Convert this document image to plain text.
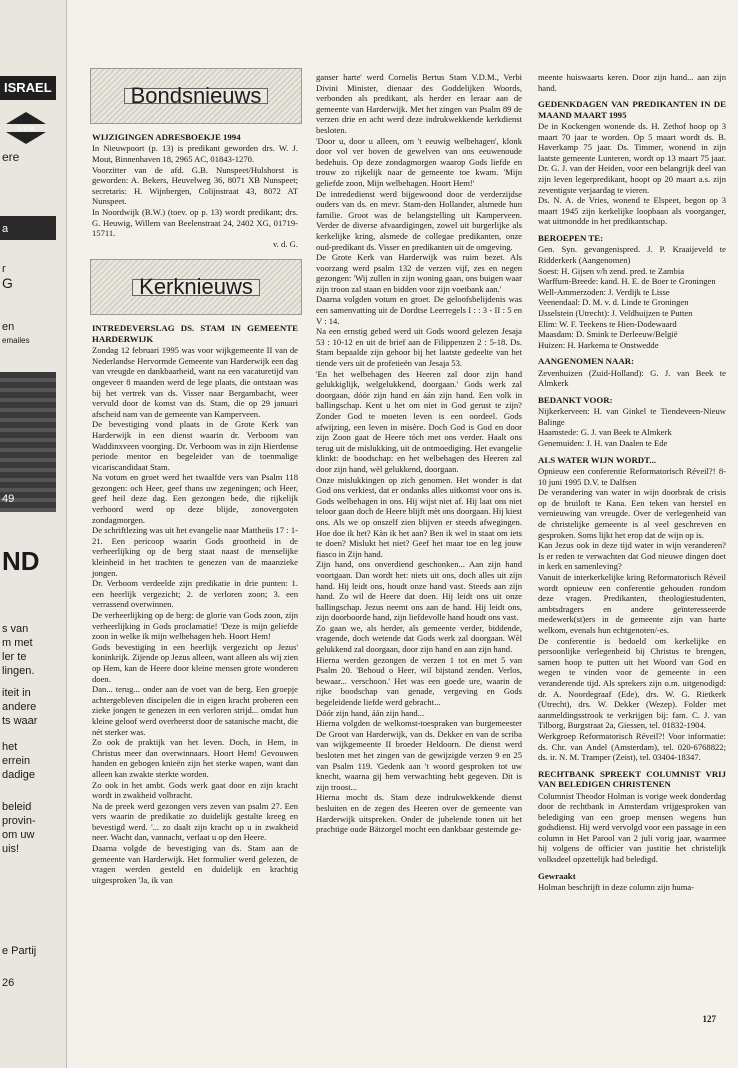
ISRAEL
IVVIK
ere
a
r
G
en
emailes
49
ND
s van
m met
ler te
lingen.
iteit in
andere
ts waar
het
errein
dadige
beleid
provin-
om uw
uis!
e Partij
26
Bondsnieuws
WIJZIGINGEN ADRESBOEKJE 1994

In Nieuwpoort (p. 13) is predikant geworden drs. W. J. Mout, Binnenhaven 18, 2965 AC, 01843-1270.

Voorzitter van de afd. G.B. Nunspeet/Hulshorst is geworden: A. Bekers, Heuvelweg 36, 8071 XB Nunspeet; secretaris: H. Wijnbergen, Colijnstraat 43, 8072 AT Nunspeet.

In Noordwijk (B.W.) (toev. op p. 13) wordt predikant; drs. G. Heuwig, Willem van Beelenstraat 24, 2402 XG, 01719-15711.

v. d. G.

Kerknieuws
INTREDEVERSLAG DS. STAM IN GEMEENTE HARDERWIJK

Zondag 12 februari 1995 was voor wijkgemeente II van de Nederlandse Hervormde Gemeente van Harderwijk een dag van vreugde en dankbaarheid, want na een vacaturetijd van ongeveer 8 maanden werd de lege plaats, die ontstaan was bij het vertrek van ds. Visser naar Bergambacht, weer vervuld door de komst van ds. Stam, die op 29 januari afscheid nam van de gemeente van Kamperveen.

De bevestiging vond plaats in de Grote Kerk van Harderwijk in een dienst waarin dr. Verboom van Waddinxveen voorging. Dr. Verboom was in zijn Hierdense periode mentor en begeleider van de toenmalige vicariscandidaat Stam.

Na votum en groet werd het twaalfde vers van Psalm 118 gezongen: och Heer, geef thans uw zegeningen; och Heer, geef heil deze dag. Een gezongen bede, die rijkelijk verhoord werd op deze blijde, zonovergoten zondagmorgen.

De schriftlezing was uit het evangelie naar Mattheüs 17 : 1-21. Een pericoop waarin Gods grootheid in de verheerlijking op de berg staat naast de menselijke kleinheid in het trachten te genezen van de maanzieke jongen.

Dr. Verboom verdeelde zijn predikatie in drie punten: 1. een heerlijk vergezicht; 2. de verloren zoon; 3. een verrassend overwinnen.

De verheerlijking op de berg: de glorie van Gods zoon, zijn verheerlijking in Gods proclamatie! 'Deze is mijn geliefde zoon in welke ik mijn welbehagen heb. Hoort Hem!

Gods bevestiging in een heerlijk vergezicht op Jezus' koninkrijk. Zijende op Jezus alleen, want alleen als wij zien op Hem, kan de Heere door kleine mensen grote wonderen doen.

Dan... terug... onder aan de voet van de berg. Een groepje achtergebleven discipelen die in eigen kracht proberen een zieke jongen te genezen in een verloren strijd... omdat hun kleine geloof werd overheerst door de satanische macht, die nét sterker was.

Zo ook de praktijk van het leven. Doch, in Hem, in Christus meer dan overwinnaars. Hoort Hem! Gevouwen handen en gebogen knieën zijn het sterke wapen, want dan alleen kan zwakte sterkte worden.

Zo ook in het ambt. Gods werk gaat door en zijn kracht wordt in zwakheid volbracht.

Na de preek werd gezongen vers zeven van psalm 27. Een vers waarin de predikatie zo duidelijk gestalte kreeg en bevestigd werd. '... zo daalt zijn kracht op u in zwakheid neer. Wacht dan, vannacht, verlaat u op den Heere.

Daarna volgde de bevestiging van ds. Stam aan de gemeente van Harderwijk. Het formulier werd gelezen, de vragen werden gesteld en duidelijk en krachtig uitgesproken 'Ja, ik van

ganser harte' werd Cornelis Bertus Stam V.D.M., Verbi Divini Minister, dienaar des Goddelijken Woords, verbonden als predikant, als herder en leraar aan de gemeente van Harderwijk. Met het zingen van Psalm 89 de verzen drie en acht werd deze indrukwekkende kerkdienst besloten.

'Door u, door u alleen, om 't eeuwig welbehagen', klonk door vol ver boven de gewelven van ons eeuwenoude bedehuis. Op deze zondagmorgen waarop Gods liefde en trouw zo rijkelijk naar de gemeente toe kwam. 'Mijn geliefde zoon, Mijn welbehagen. Hoort Hem!'

De intrededienst werd bijgewoond door de verderzijdse ouders van ds. en mevr. Stam-den Hollander, alsmede hun familie. Groot was de belangstelling uit Kamperveen. Verder de diverse afvaardigingen, zowel uit burgerlijke als kerkelijke kring, alsmede de collegae predikanten, onze oud-predikant ds. Visser en predikanten uit de omgeving.

De Grote Kerk van Harderwijk was ruim bezet. Als voorzang werd psalm 132 de verzen vijf, zes en negen gezongen: 'Wij zullen in zijn woning gaan, ons buigen waar zijn troon zal staan en bidden voor zijn voetbank aan.'

Daarna volgden votum en groet. De geloofsbelijdenis was een samenvatting uit de Dordtse Leerregels I : : 3 - II : 5 en V : 14.

Na een ernstig gebed werd uit Gods woord gelezen Jesaja 53 : 10-12 en uit de brief aan de Filippenzen 2 : 5-18. Ds. Stam bepaalde zijn gehoor bij het laatste gedeelte van het tiende vers uit de profetieën van Jesaja 53.

'En het welbehagen des Heeren zal door zijn hand gelukkiglijk, welgelukkend, doorgaan.' Gods werk zal doorgaan, dóór zijn hand en áán zijn hand. Een volk in ballingschap. Kent u het om niet in God gerust te zijn? Zonder God te moeten leven is een oordeel. Gods afwijzing, een leven in misère. Doch God is God en door zijn Zoon gaat de Heere tóch met ons verder. Haalt ons terug uit de mislukking, uit de ontmoediging. Het evangelie klinkt: de boodschap: en het welbehagen des Heeren zal door zijn hand, wèl gelukkend, doorgaan.

Onze mislukkingen op zich genomen. Het wonder is dat God ons verkiest, dat er ondanks alles uitkomst voor ons is. Gods welbehagen in ons. Hij wijst niet af. Hij laat ons niet teloor gaan doch de Heere blijft mèt ons doorgaan. Hij kiest ons. Als we op onszelf zien blijven er steeds afwegingen. Hoe doe ik het? Kàn ik het aan? Ben ik wel in staat om iets te doen? Mislukt het niet? Geef het maar toe en leg jouw fiasco in Zijn hand.

Zijn hand, ons onverdiend geschonken... Aan zijn hand voortgaan. Dan wordt het: niets uit ons, doch alles uit zijn hand. Hij leidt ons, houdt onze hand vast. Steeds aan zijn hand. Zo wil de Heere dat doen. Hij leidt ons uit onze ballingschap. Jezus neemt ons aan de hand. Hij leidt ons, zijn doorboorde hand, zijn liefdevolle hand houdt ons vast.

Zo gaan we, als herder, als gemeente verder, biddende, vragende, doch wetende dat Gods werk zal doorgaan. Wèl gelukkend zal doorgaan, door zijn hand en aan zijn hand.

Hierna werden gezongen de verzen 1 tot en met 5 van Psalm 20. 'Behoud o Heer, wil bijstand zenden. Verlos, bewaar... verschoon.' Het was een goede ure, waarin de rijke boodschap van genade, vergeving en Gods begeleidende liefde werd gebracht...

Dóór zijn hand, áán zijn hand...

Hierna volgden de welkomst-toespraken van burgemeester De Groot van Harderwijk, van ds. Dekker en van de scriba van wijkgemeente II broeder Heldoorn. De dienst werd besloten met het zingen van de gewijzigde verzen 9 en 25 van Psalm 119. 'Gedenk aan 't woord gesproken tot uw knecht, waarna gij hem verwachting hebt gegeven. Dit is zijn troost...

Hierna mocht ds. Stam deze indrukwekkende dienst besluiten en de zegen des Heeren over de gemeente van Harderwijk uitspreken. Onder de jubelende tonen uit het prachtige oude Bätzorgel mocht een dankbaar gestemde ge-

meente huiswaarts keren. Door zijn hand... aan zijn hand.

GEDENKDAGEN VAN PREDIKANTEN IN DE MAAND MAART 1995

De in Kockengen wonende ds. H. Zethof hoop op 3 maart 70 jaar te worden. Op 5 maart wordt ds. B. Haverkamp 75 jaar. Ds. Timmer, wonend in zijn laatste gemeente Lunteren, wordt op 13 maart 75 jaar. Dr. G. J. van der Heiden, voor een belangrijk deel van zijn leven legerpredikant, hoopt op 20 maart a.s. zijn zeventigste verjaardag te vieren.

Ds. N. A. de Vries, wonend te Elspeet, begon op 3 maart 1945 zijn kerkelijke loopbaan als voorganger, wat uitmondde in het predikantschap.

BEROEPEN TE:

Gen. Syn. gevangenispred. J. P. Kraaijeveld te Ridderkerk (Aangenomen)

Soest: H. Gijsen v/h zend. pred. te Zambia

Warffum-Breede: kand. H. E. de Boer te Groningen

Well-Ammerzoden: J. Verdijk te Lisse

Veenendaal: D. M. v. d. Linde te Groningen

IJsselstein (Utrecht): J. Veldhuijzen te Putten

Elim: W. F. Teekens te Hien-Dodewaard

Maasdam: D. Smink te Derleeuw/België

Huizen: H. Harkema te Onstwedde

AANGENOMEN NAAR:

Zevenhuizen (Zuid-Holland): G. J. van Beek te Almkerk

BEDANKT VOOR:

Nijkerkerveen: H. van Ginkel te Tiendeveen-Nieuw Balinge

Haamstede: G. J. van Beek te Almkerk

Genemuiden: J. H. van Daalen te Ede

ALS WATER WIJN WORDT...

Opnieuw een conferentie Reformatorisch Réveil?! 8-10 juni 1995 D.V. te Dalfsen

De verandering van water in wijn doorbrak de crisis op de bruiloft te Kana. Een teken van herstel en vernieuwing van vreugde. Over de verlegenheid van de christelijke gemeente is al veel geschreven en gesproken. Soms lijkt het erop dat de wijn op is.

Kan Jezus ook in deze tijd water in wijn veranderen? Is er reden te verwachten dat God nieuwe dingen doet in kerk en samenleving?

Vanuit de interkerkelijke kring Reformatorisch Réveil wordt opnieuw een conferentie gehouden rondom deze vragen. Predikanten, theologiestudenten, ambtsdragers en andere geïnteresseerde medewerk(st)ers in de gemeente zijn van harte welkom, evenals hun echtgenoten/-es.

De conferentie is bedoeld om kerkelijke en persoonlijke verlegenheid bij Christus te brengen, samen hoop te putten uit het Woord van God en wegen te vinden voor de gemeente in een veranderende tijd. Als sprekers zijn o.m. uitgenodigd: dr. A. Noordegraaf (Ede), drs. W. G. Rietkerk (Utrecht), drs. W. Dekker (Wezep). Folder met aanmeldingsstrook te verkrijgen bij: fam. C. J. van Tilborg, Burgstraat 2a, Giessen, tel. 01832-1904.

Werkgroep Reformatorisch Réveil?! Voor informatie: ds. Chr. van Andel (Amsterdam), tel. 020-6768822; ds. ir. N. M. Tramper (Zeist), tel. 03404-18347.

RECHTBANK SPREEKT COLUMNIST VRIJ VAN BELEDIGEN CHRISTENEN

Columnist Theodor Holman is vorige week donderdag door de rechtbank in Amsterdam vrijgesproken van belediging van een groep mensen wegens hun godsdienst. Hij werd vervolgd voor een passage in een column in Het Parool van 2 juli vorig jaar, waarmee hij volgens de officier van justitie het christelijk volksdeel opzettelijk had beledigd.

Gewraakt

Holman beschrijft in deze column zijn huma-

127
